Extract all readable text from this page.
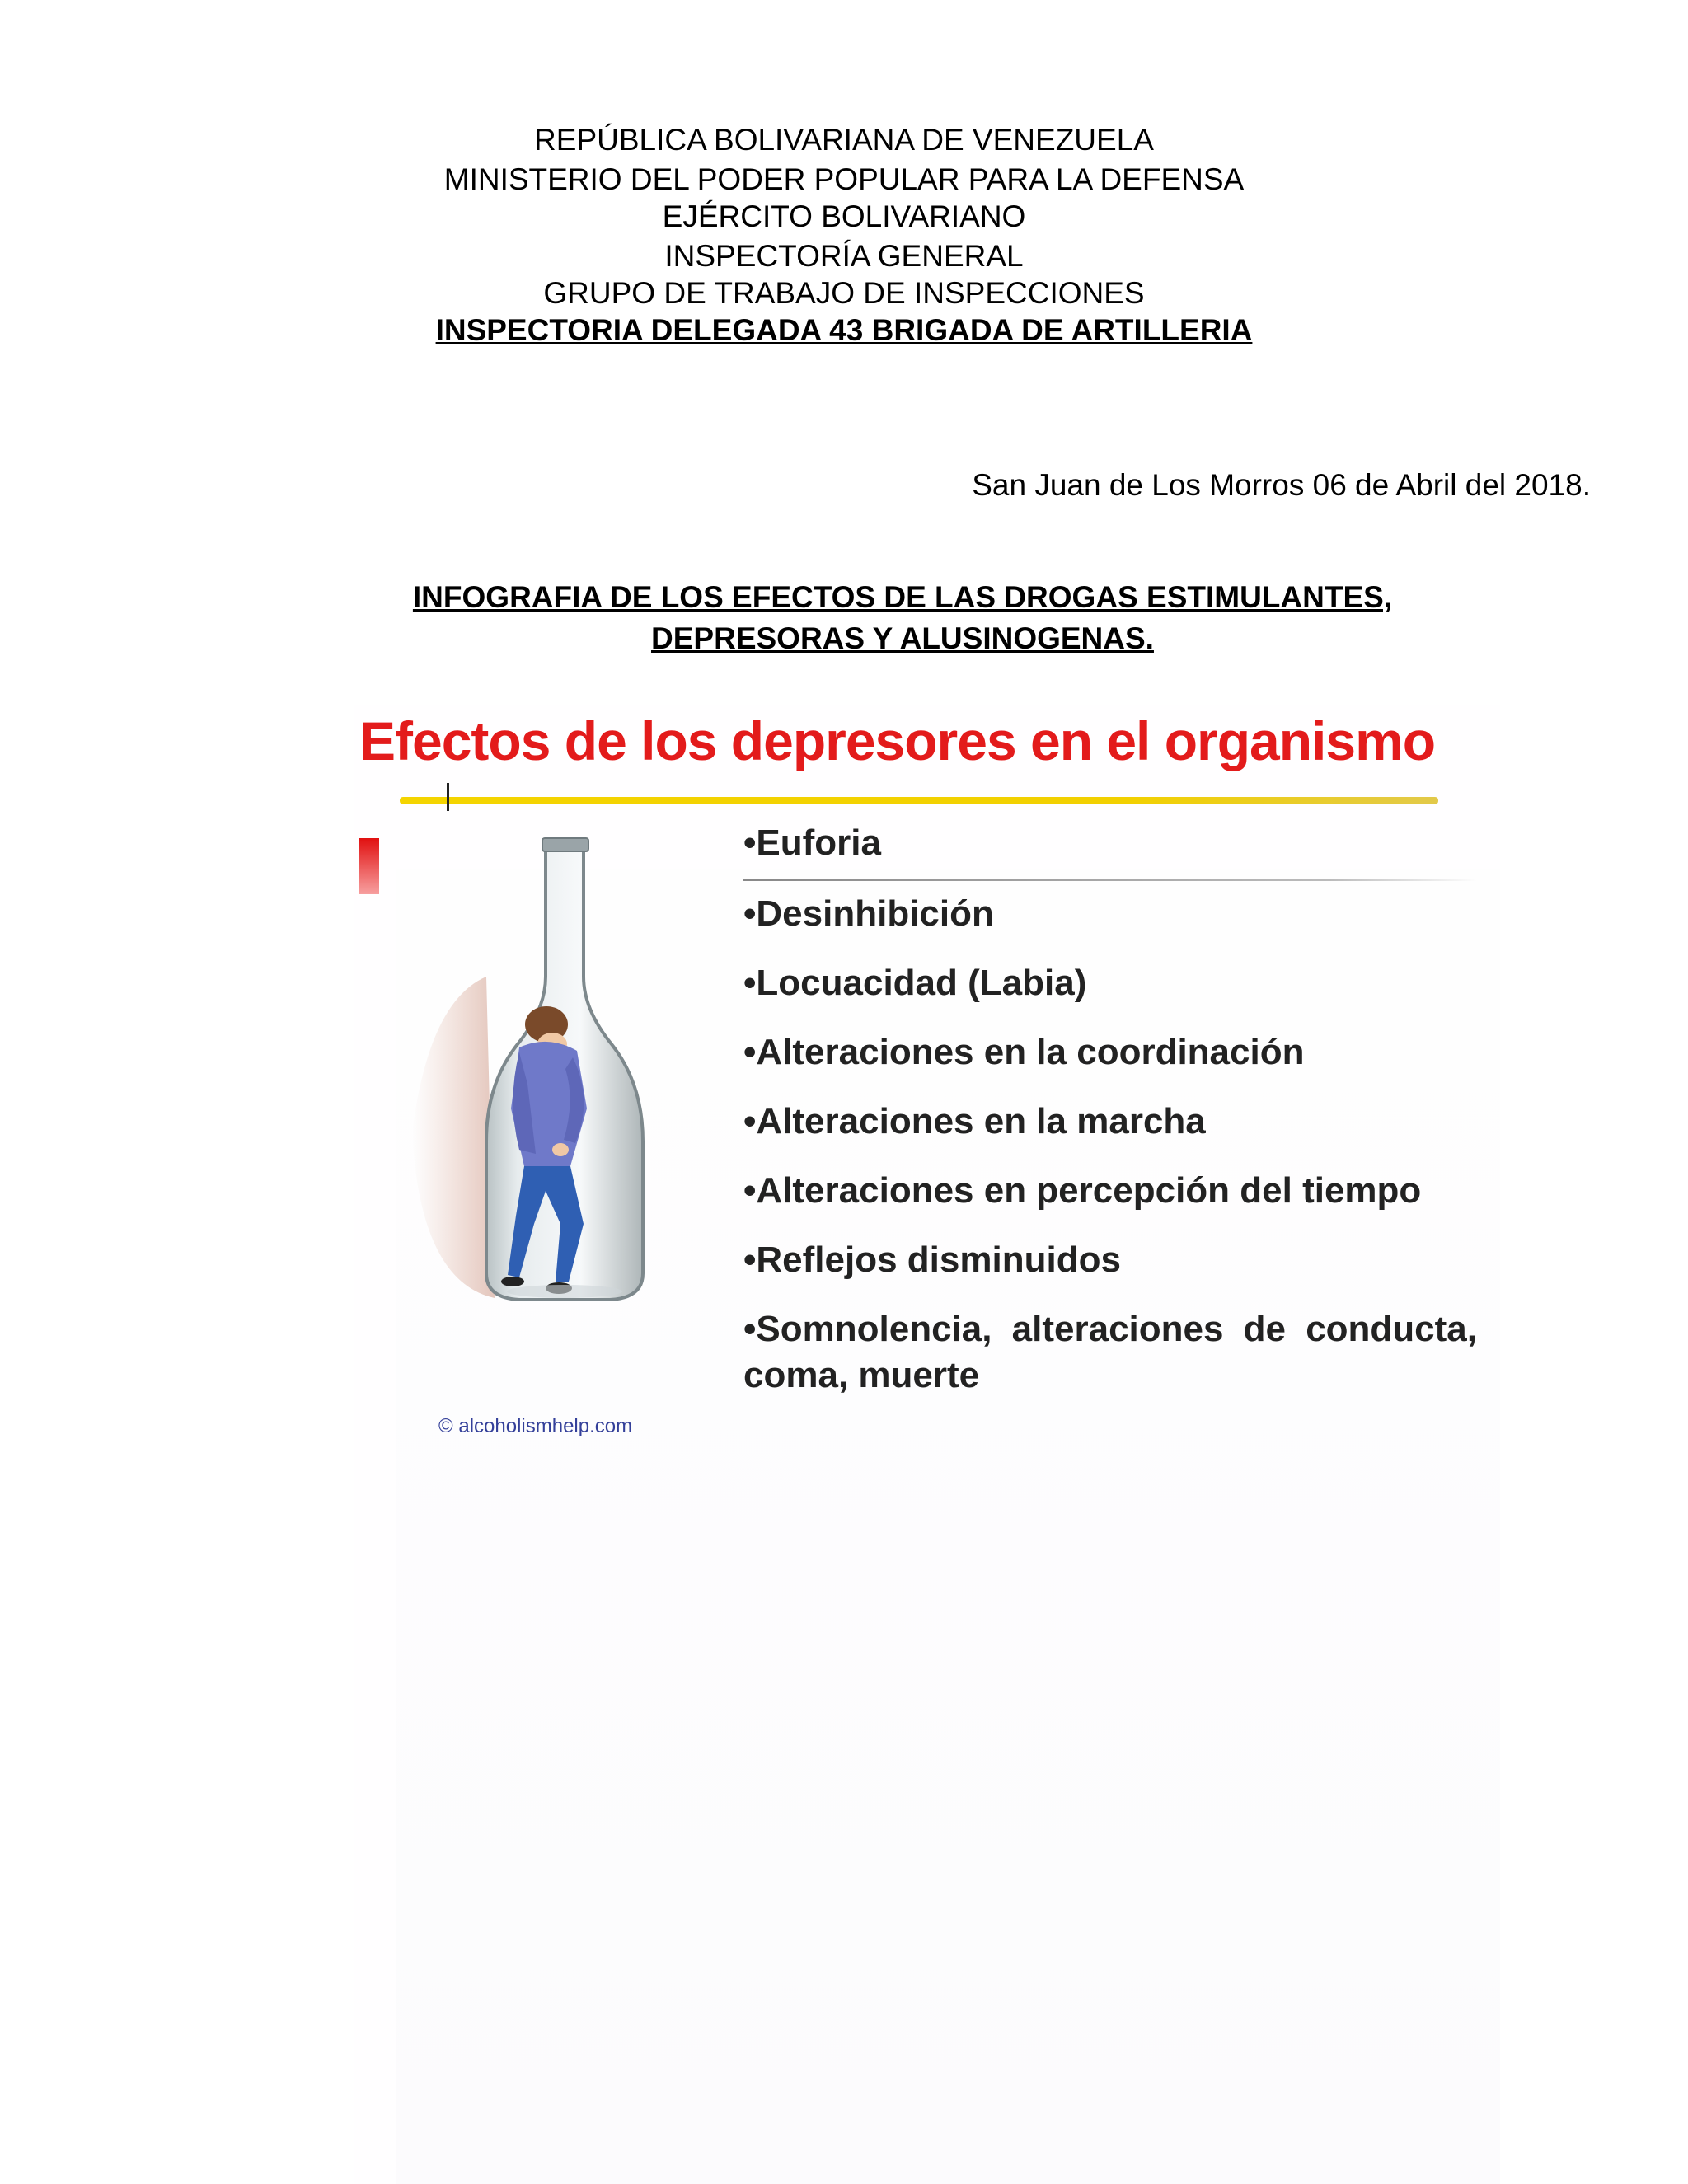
REPÚBLICA BOLIVARIANA DE VENEZUELA
MINISTERIO DEL PODER POPULAR PARA LA DEFENSA
EJÉRCITO BOLIVARIANO
INSPECTORÍA GENERAL
GRUPO DE TRABAJO DE INSPECCIONES
INSPECTORIA DELEGADA 43 BRIGADA DE ARTILLERIA
San Juan de Los Morros 06 de Abril del 2018.
INFOGRAFIA DE LOS EFECTOS DE LAS DROGAS ESTIMULANTES,
DEPRESORAS Y ALUSINOGENAS.
Efectos de los depresores en el organismo
© alcoholismhelp.com
•Euforia
•Desinhibición
•Locuacidad (Labia)
•Alteraciones en la coordinación
•Alteraciones en la marcha
•Alteraciones en percepción del tiempo
•Reflejos disminuidos
•Somnolencia, alteraciones de conducta, coma, muerte
